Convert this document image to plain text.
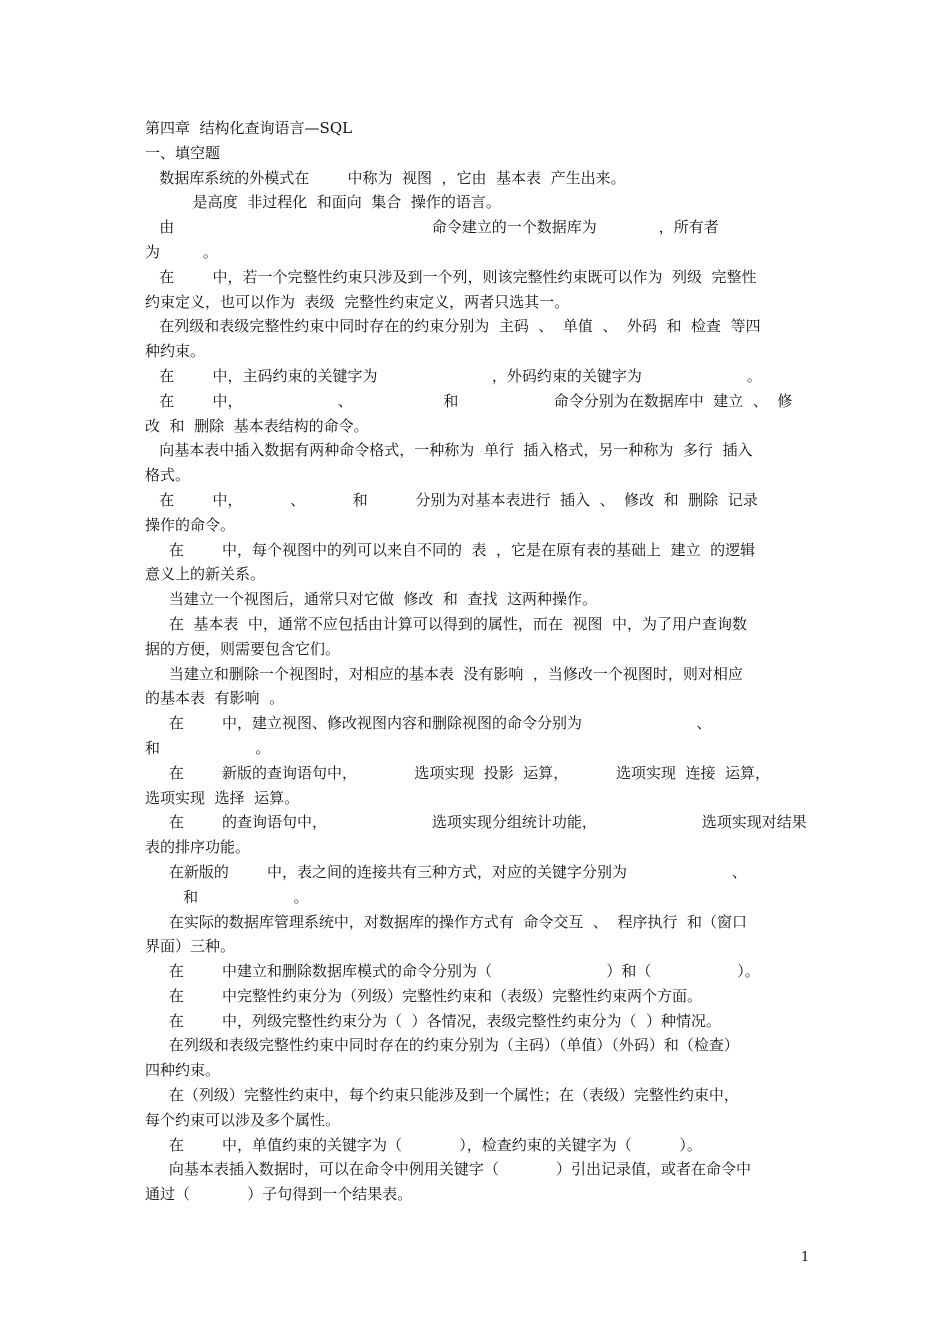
第四章  结构化查询语言—SQL
一、填空题
数据库系统的外模式在        中称为  视图  ，它由  基本表  产生出来。
是高度  非过程化  和面向  集合  操作的语言。
由                                                      命令建立的一个数据库为             ，所有者
为         。
在        中，若一个完整性约束只涉及到一个列，则该完整性约束既可以作为  列级  完整性
约束定义，也可以作为  表级  完整性约束定义，两者只选其一。
在列级和表级完整性约束中同时存在的约束分别为  主码  、  单值  、  外码  和  检查  等四
种约束。
在        中，主码约束的关键字为                        ，外码约束的关键字为                      。
在        中，                    、                   和                    命令分别为在数据库中  建立  、  修
改  和  删除  基本表结构的命令。
向基本表中插入数据有两种命令格式，一种称为  单行  插入格式，另一种称为  多行  插入
格式。
在        中，          、          和          分别为对基本表进行  插入  、  修改  和  删除  记录
操作的命令。
在        中，每个视图中的列可以来自不同的  表  ，它是在原有表的基础上  建立  的逻辑
意义上的新关系。
当建立一个视图后，通常只对它做  修改  和  查找  这两种操作。
在  基本表  中，通常不应包括由计算可以得到的属性，而在  视图  中，为了用户查询数
据的方便，则需要包含它们。
当建立和删除一个视图时，对相应的基本表  没有影响  ，当修改一个视图时，则对相应
的基本表  有影响  。
在        中，建立视图、修改视图内容和删除视图的命令分别为                        、
和                    。
在        新版的查询语句中，            选项实现  投影  运算，          选项实现  连接  运算，
选项实现  选择  运算。
在        的查询语句中，                      选项实现分组统计功能，                      选项实现对结果
表的排序功能。
在新版的        中，表之间的连接共有三种方式，对应的关键字分别为                      、
和                    。
在实际的数据库管理系统中，对数据库的操作方式有  命令交互  、  程序执行  和（窗口
界面）三种。
在        中建立和删除数据库模式的命令分别为（                        ）和（                  ）。
在        中完整性约束分为（列级）完整性约束和（表级）完整性约束两个方面。
在        中，列级完整性约束分为（  ）各情况，表级完整性约束分为（  ）种情况。
在列级和表级完整性约束中同时存在的约束分别为（主码）（单值）（外码）和（检查）
四种约束。
在（列级）完整性约束中，每个约束只能涉及到一个属性；在（表级）完整性约束中，
每个约束可以涉及多个属性。
在        中，单值约束的关键字为（            ），检查约束的关键字为（          ）。
向基本表插入数据时，可以在命令中例用关键字（            ）引出记录值，或者在命令中
通过（            ）子句得到一个结果表。
1
